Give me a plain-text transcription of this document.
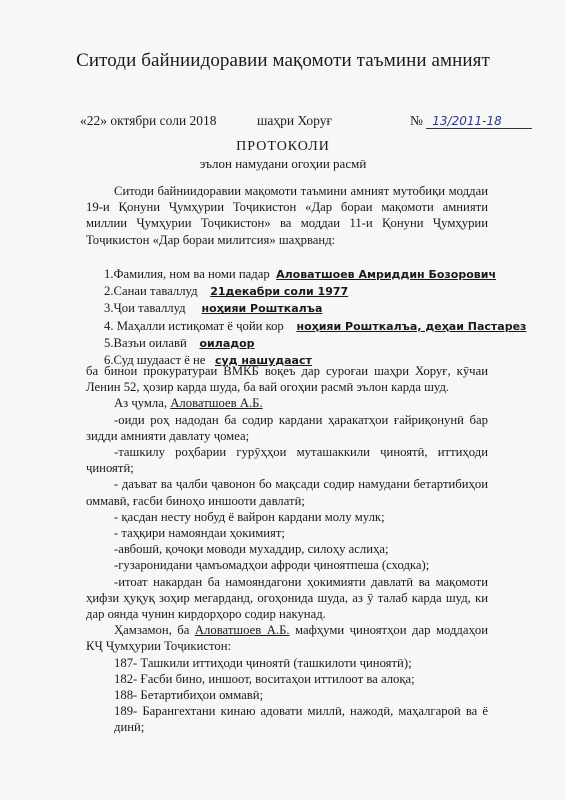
Ситоди байниидоравии мақомоти таъмини амният
«22» октябри соли 2018	шаҳри Хоруғ	№ 13/2011-18
ПРОТОКОЛИ
эълон намудани огоҳии расмӣ
Ситоди байниидоравии мақомоти таъмини амният мутобиқи моддаи 19-и Қонуни Ҷумҳурии Тоҷикистон «Дар бораи мақомоти амнияти миллии Ҷумҳурии Тоҷикистон» ва моддаи 11-и Қонуни Ҷумҳурии Тоҷикистон «Дар бораи милитсия» шаҳрванд:
1.Фамилия, ном ва номи падар Аловатшоев Амриддин Бозорович
2.Санаи таваллуд 21декабри соли 1977
3.Ҷои таваллуд ноҳияи Рошткалъа
4. Маҳалли истиқомат ё ҷойи кор ноҳияи Рошткалъа, деҳаи Пастарез
5.Вазъи оилавӣ оиладор
6.Суд шудааст ё не суд нашудааст

ба бинои прокуратураи ВМКБ воқеъ дар суроғаи шаҳри Хоруғ, кӯчаи Ленин 52, ҳозир карда шуда, ба вай огоҳии расмӣ эълон карда шуд.

Аз ҷумла, Аловатшоев А.Б.

-оиди роҳ надодан ба содир кардани ҳаракатҳои ғайриқонунӣ бар зидди амнияти давлату ҷомеа;

-ташкилу роҳбарии гурӯҳҳои муташаккили ҷиноятӣ, иттиҳоди ҷиноятӣ;

- даъват ва ҷалби ҷавонон бо мақсади содир намудани бетартибиҳои оммавӣ, ғасби биноҳо иншооти давлатӣ;

- қасдан несту нобуд ё вайрон кардани молу мулк;

- таҳқири намояндаи ҳокимият;

-авбошӣ, қочоқи моводи мухаддир, силоҳу аслиҳа;

-гузаронидани ҷамъомадҳои афроди ҷиноятпеша (сходка);

-итоат накардан ба намояндагони ҳокимияти давлатӣ ва мақомоти ҳифзи ҳуқуқ зоҳир мегарданд, огоҳонида шуда, аз ӯ талаб карда шуд, ки дар оянда чунин кирдорҳоро содир накунад.

Ҳамзамон, ба Аловатшоев А.Б. мафҳуми ҷиноятҳои дар моддаҳои КҶ Ҷумҳурии Тоҷикистон:

187- Ташкили иттиҳоди ҷиноятӣ (ташкилоти ҷиноятӣ);

182- Ғасби бино, иншоот, воситаҳои иттилоот ва алоқа;

188- Бетартибиҳои оммавӣ;

189- Барангехтани кинаю адовати миллӣ, нажодӣ, маҳалгароӣ ва ё динӣ;
